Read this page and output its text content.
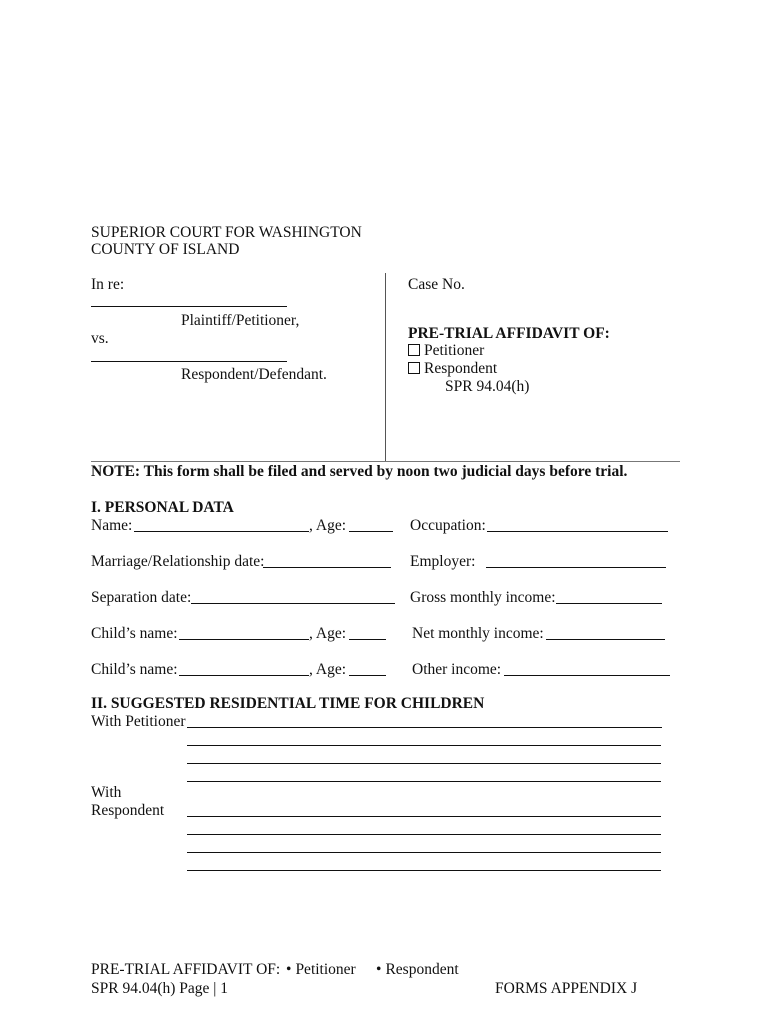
SUPERIOR COURT FOR WASHINGTON
COUNTY OF ISLAND
In re:
Plaintiff/Petitioner,
vs.
Respondent/Defendant.
Case No.
PRE-TRIAL AFFIDAVIT OF:
Petitioner
Respondent
SPR 94.04(h)
NOTE: This form shall be filed and served by noon two judicial days before trial.
I. PERSONAL DATA
Name:	, Age:	Occupation:
Marriage/Relationship date:	Employer:
Separation date:	Gross monthly income:
Child’s name:	, Age:	Net monthly income:
Child’s name:	, Age:	Other income:
II. SUGGESTED RESIDENTIAL TIME FOR CHILDREN
With Petitioner
With
Respondent
PRE-TRIAL AFFIDAVIT OF: • Petitioner • Respondent
SPR 94.04(h) Page | 1	FORMS APPENDIX J
